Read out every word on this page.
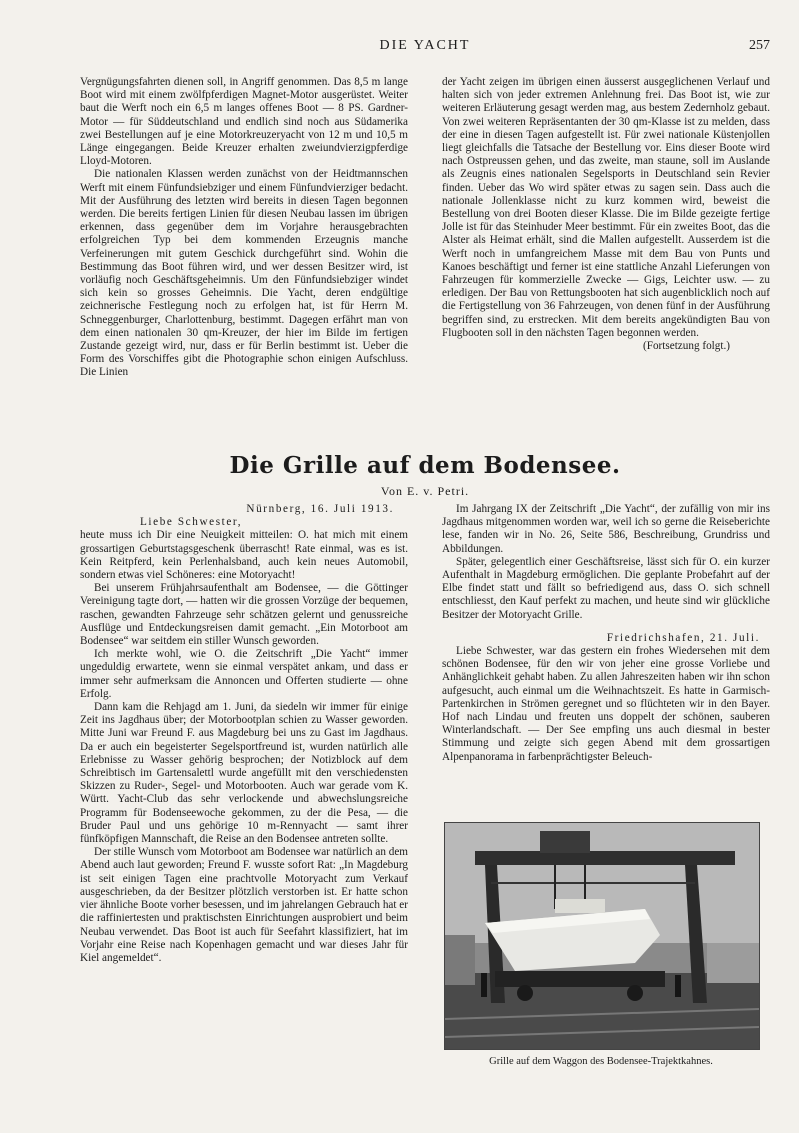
DIE YACHT	257

Vergnügungsfahrten dienen soll, in Angriff genommen. Das 8,5 m lange Boot wird mit einem zwölfpferdigen Magnet-Motor ausgerüstet. Weiter baut die Werft noch ein 6,5 m langes offenes Boot — 8 PS. Gardner-Motor — für Süddeutschland und endlich sind noch aus Südamerika zwei Bestellungen auf je eine Motorkreuzeryacht von 12 m und 10,5 m Länge eingegangen. Beide Kreuzer erhalten zweiundvierzigpferdige Lloyd-Motoren.

Die nationalen Klassen werden zunächst von der Heidtmannschen Werft mit einem Fünfundsiebziger und einem Fünfundvierziger bedacht. Mit der Ausführung des letzten wird bereits in diesen Tagen begonnen werden. Die bereits fertigen Linien für diesen Neubau lassen im übrigen erkennen, dass gegenüber dem im Vorjahre herausgebrachten erfolgreichen Typ bei dem kommenden Erzeugnis manche Verfeinerungen mit gutem Geschick durchgeführt sind. Wohin die Bestimmung das Boot führen wird, und wer dessen Besitzer wird, ist vorläufig noch Geschäftsgeheimnis. Um den Fünfundsiebziger windet sich kein so grosses Geheimnis. Die Yacht, deren endgültige zeichnerische Festlegung noch zu erfolgen hat, ist für Herrn M. Schneggenburger, Charlottenburg, bestimmt. Dagegen erfährt man von dem einen nationalen 30 qm-Kreuzer, der hier im Bilde im fertigen Zustande gezeigt wird, nur, dass er für Berlin bestimmt ist. Ueber die Form des Vorschiffes gibt die Photographie schon einigen Aufschluss. Die Linien

der Yacht zeigen im übrigen einen äusserst ausgeglichenen Verlauf und halten sich von jeder extremen Anlehnung frei. Das Boot ist, wie zur weiteren Erläuterung gesagt werden mag, aus bestem Zedernholz gebaut. Von zwei weiteren Repräsentanten der 30 qm-Klasse ist zu melden, dass der eine in diesen Tagen aufgestellt ist. Für zwei nationale Küstenjollen liegt gleichfalls die Tatsache der Bestellung vor. Eins dieser Boote wird nach Ostpreussen gehen, und das zweite, man staune, soll im Auslande als Zeugnis eines nationalen Segelsports in Deutschland sein Revier finden. Ueber das Wo wird später etwas zu sagen sein. Dass auch die nationale Jollenklasse nicht zu kurz kommen wird, beweist die Bestellung von drei Booten dieser Klasse. Die im Bilde gezeigte fertige Jolle ist für das Steinhuder Meer bestimmt. Für ein zweites Boot, das die Alster als Heimat erhält, sind die Mallen aufgestellt. Ausserdem ist die Werft noch in umfangreichem Masse mit dem Bau von Punts und Kanoes beschäftigt und ferner ist eine stattliche Anzahl Lieferungen von Fahrzeugen für kommerzielle Zwecke — Gigs, Leichter usw. — zu erledigen. Der Bau von Rettungsbooten hat sich augenblicklich noch auf die Fertigstellung von 36 Fahrzeugen, von denen fünf in der Ausführung begriffen sind, zu erstrecken. Mit dem bereits angekündigten Bau von Flugbooten soll in den nächsten Tagen begonnen werden.

(Fortsetzung folgt.)

Die Grille auf dem Bodensee.
Von E. v. Petri.

Nürnberg, 16. Juli 1913.

Liebe Schwester,

heute muss ich Dir eine Neuigkeit mitteilen: O. hat mich mit einem grossartigen Geburtstagsgeschenk überrascht! Rate einmal, was es ist. Kein Reitpferd, kein Perlenhalsband, auch kein neues Automobil, sondern etwas viel Schöneres: eine Motoryacht!

Bei unserem Frühjahrsaufenthalt am Bodensee, — die Göttinger Vereinigung tagte dort, — hatten wir die grossen Vorzüge der bequemen, raschen, gewandten Fahrzeuge sehr schätzen gelernt und genussreiche Ausflüge und Entdeckungsreisen damit gemacht. „Ein Motorboot am Bodensee“ war seitdem ein stiller Wunsch geworden.

Ich merkte wohl, wie O. die Zeitschrift „Die Yacht“ immer ungeduldig erwartete, wenn sie einmal verspätet ankam, und dass er immer sehr aufmerksam die Annoncen und Offerten studierte — ohne Erfolg.

Dann kam die Rehjagd am 1. Juni, da siedeln wir immer für einige Zeit ins Jagdhaus über; der Motorbootplan schien zu Wasser geworden. Mitte Juni war Freund F. aus Magdeburg bei uns zu Gast im Jagdhaus. Da er auch ein begeisterter Segelsportfreund ist, wurden natürlich alle Erlebnisse zu Wasser gehörig besprochen; der Notizblock auf dem Schreibtisch im Gartensalettl wurde angefüllt mit den verschiedensten Skizzen zu Ruder-, Segel- und Motorbooten. Auch war gerade vom K. Württ. Yacht-Club das sehr verlockende und abwechslungsreiche Programm für Bodenseewoche gekommen, zu der die Pesa, — die Bruder Paul und uns gehörige 10 m-Rennyacht — samt ihrer fünfköpfigen Mannschaft, die Reise an den Bodensee antreten sollte.

Der stille Wunsch vom Motorboot am Bodensee war natürlich an dem Abend auch laut geworden; Freund F. wusste sofort Rat: „In Magdeburg ist seit einigen Tagen eine prachtvolle Motoryacht zum Verkauf ausgeschrieben, da der Besitzer plötzlich verstorben ist. Er hatte schon vier ähnliche Boote vorher besessen, und im jahrelangen Gebrauch hat er die raffiniertesten und praktischsten Einrichtungen ausprobiert und beim Neubau verwendet. Das Boot ist auch für Seefahrt klassifiziert, hat im Vorjahr eine Reise nach Kopenhagen gemacht und war dieses Jahr für Kiel angemeldet“.

Im Jahrgang IX der Zeitschrift „Die Yacht“, der zufällig von mir ins Jagdhaus mitgenommen worden war, weil ich so gerne die Reiseberichte lese, fanden wir in No. 26, Seite 586, Beschreibung, Grundriss und Abbildungen.

Später, gelegentlich einer Geschäftsreise, lässt sich für O. ein kurzer Aufenthalt in Magdeburg ermöglichen. Die geplante Probefahrt auf der Elbe findet statt und fällt so befriedigend aus, dass O. sich schnell entschliesst, den Kauf perfekt zu machen, und heute sind wir glückliche Besitzer der Motoryacht Grille.

Friedrichshafen, 21. Juli.

Liebe Schwester, war das gestern ein frohes Wiedersehen mit dem schönen Bodensee, für den wir von jeher eine grosse Vorliebe und Anhänglichkeit gehabt haben. Zu allen Jahreszeiten haben wir ihn schon aufgesucht, auch einmal um die Weihnachtszeit. Es hatte in Garmisch-Partenkirchen in Strömen geregnet und so flüchteten wir in den Bayer. Hof nach Lindau und freuten uns doppelt der schönen, sauberen Winterlandschaft. — Der See empfing uns auch diesmal in bester Stimmung und zeigte sich gegen Abend mit dem grossartigen Alpenpanorama in farbenprächtigster Beleuch-

Grille auf dem Waggon des Bodensee-Trajektkahnes.
